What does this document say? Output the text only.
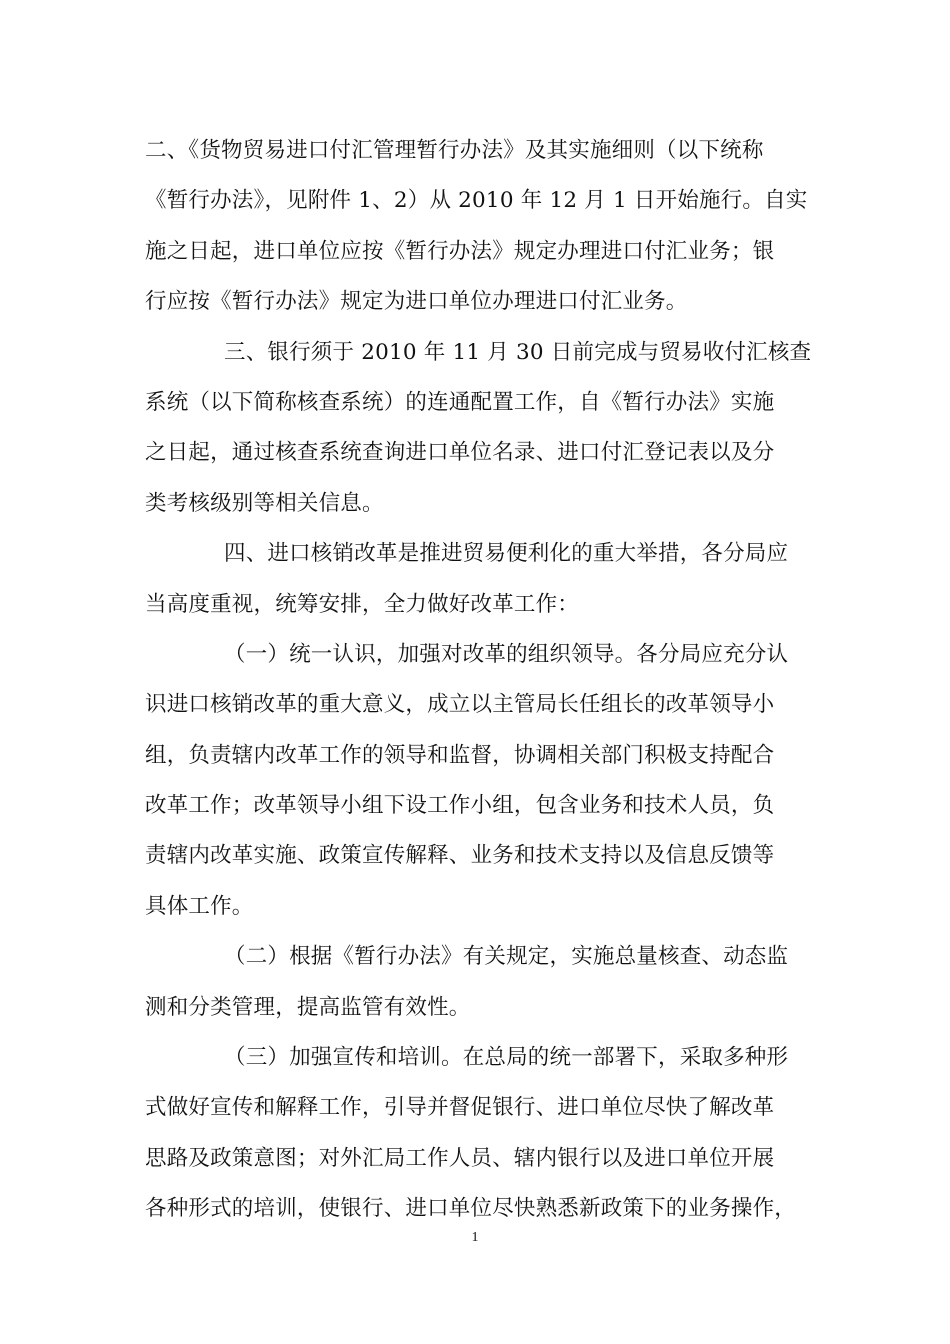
二、《货物贸易进口付汇管理暂行办法》及其实施细则（以下统称
《暂行办法》，见附件 1、2）从 2010 年 12 月 1 日开始施行。自实
施之日起，进口单位应按《暂行办法》规定办理进口付汇业务；银
行应按《暂行办法》规定为进口单位办理进口付汇业务。
三、银行须于 2010 年 11 月 30 日前完成与贸易收付汇核查
系统（以下简称核查系统）的连通配置工作，自《暂行办法》实施
之日起，通过核查系统查询进口单位名录、进口付汇登记表以及分
类考核级别等相关信息。
四、进口核销改革是推进贸易便利化的重大举措，各分局应
当高度重视，统筹安排，全力做好改革工作：
（一）统一认识，加强对改革的组织领导。各分局应充分认
识进口核销改革的重大意义，成立以主管局长任组长的改革领导小
组，负责辖内改革工作的领导和监督，协调相关部门积极支持配合
改革工作；改革领导小组下设工作小组，包含业务和技术人员，负
责辖内改革实施、政策宣传解释、业务和技术支持以及信息反馈等
具体工作。
（二）根据《暂行办法》有关规定，实施总量核查、动态监
测和分类管理，提高监管有效性。
（三）加强宣传和培训。在总局的统一部署下，采取多种形
式做好宣传和解释工作，引导并督促银行、进口单位尽快了解改革
思路及政策意图；对外汇局工作人员、辖内银行以及进口单位开展
各种形式的培训，使银行、进口单位尽快熟悉新政策下的业务操作，
1
